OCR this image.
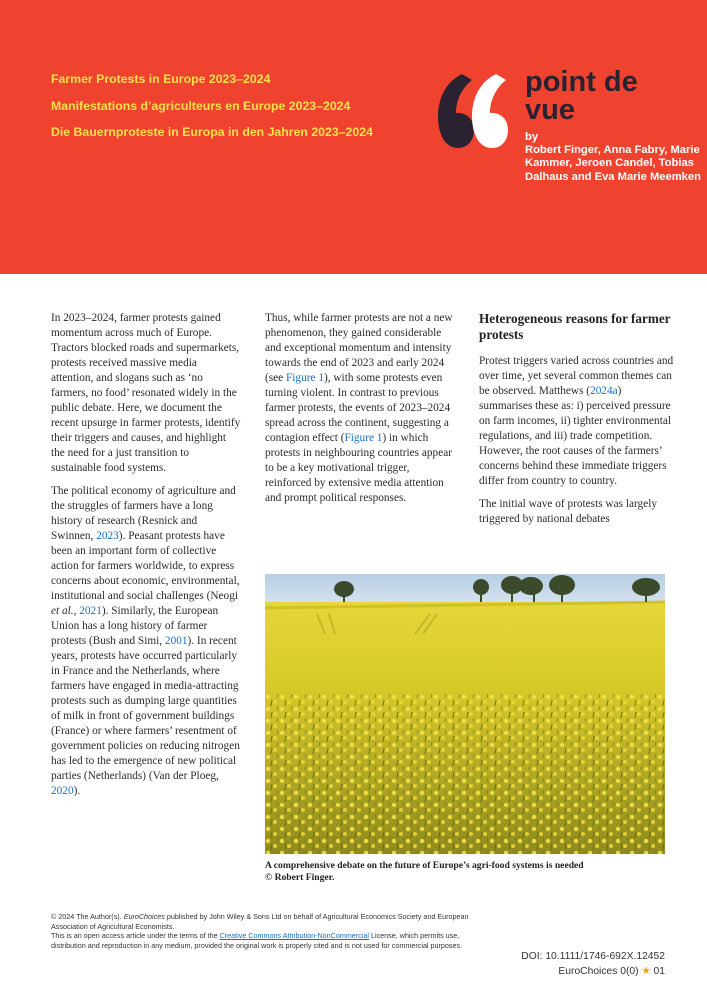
Farmer Protests in Europe 2023–2024
Manifestations d’agriculteurs en Europe 2023–2024
Die Bauernproteste in Europa in den Jahren 2023–2024
point de
vue
by
Robert Finger, Anna Fabry, Marie Kammer, Jeroen Candel, Tobias Dalhaus and Eva Marie Meemken

In 2023–2024, farmer protests gained momentum across much of Europe. Tractors blocked roads and supermarkets, protests received massive media attention, and slogans such as ‘no farmers, no food’ resonated widely in the public debate. Here, we document the recent upsurge in farmer protests, identify their triggers and causes, and highlight the need for a just transition to sustainable food systems.

The political economy of agriculture and the struggles of farmers have a long history of research (Resnick and Swinnen, 2023). Peasant protests have been an important form of collective action for farmers worldwide, to express concerns about economic, environmental, institutional and social challenges (Neogi et al., 2021). Similarly, the European Union has a long history of farmer protests (Bush and Simi, 2001). In recent years, protests have occurred particularly in France and the Netherlands, where farmers have engaged in media-attracting protests such as dumping large quantities of milk in front of government buildings (France) or where farmers’ resentment of government policies on reducing nitrogen has led to the emergence of new political parties (Netherlands) (Van der Ploeg, 2020).

Thus, while farmer protests are not a new phenomenon, they gained considerable and exceptional momentum and intensity towards the end of 2023 and early 2024 (see Figure 1), with some protests even turning violent. In contrast to previous farmer protests, the events of 2023–2024 spread across the continent, suggesting a contagion effect (Figure 1) in which protests in neighbouring countries appear to be a key motivational trigger, reinforced by extensive media attention and prompt political responses.

Heterogeneous reasons for farmer protests

Protest triggers varied across countries and over time, yet several common themes can be observed. Matthews (2024a) summarises these as: i) perceived pressure on farm incomes, ii) tighter environmental regulations, and iii) trade competition. However, the root causes of the farmers’ concerns behind these immediate triggers differ from country to country.

The initial wave of protests was largely triggered by national debates

A comprehensive debate on the future of Europe’s agri-food systems is needed
© Robert Finger.
© 2024 The Author(s). EuroChoices published by John Wiley & Sons Ltd on behalf of Agricultural Economics Society and European Association of Agricultural Economists.
This is an open access article under the terms of the Creative Commons Attribution-NonCommercial License, which permits use, distribution and reproduction in any medium, provided the original work is properly cited and is not used for commercial purposes.
DOI: 10.1111/1746-692X.12452
EuroChoices 0(0) ★ 01
